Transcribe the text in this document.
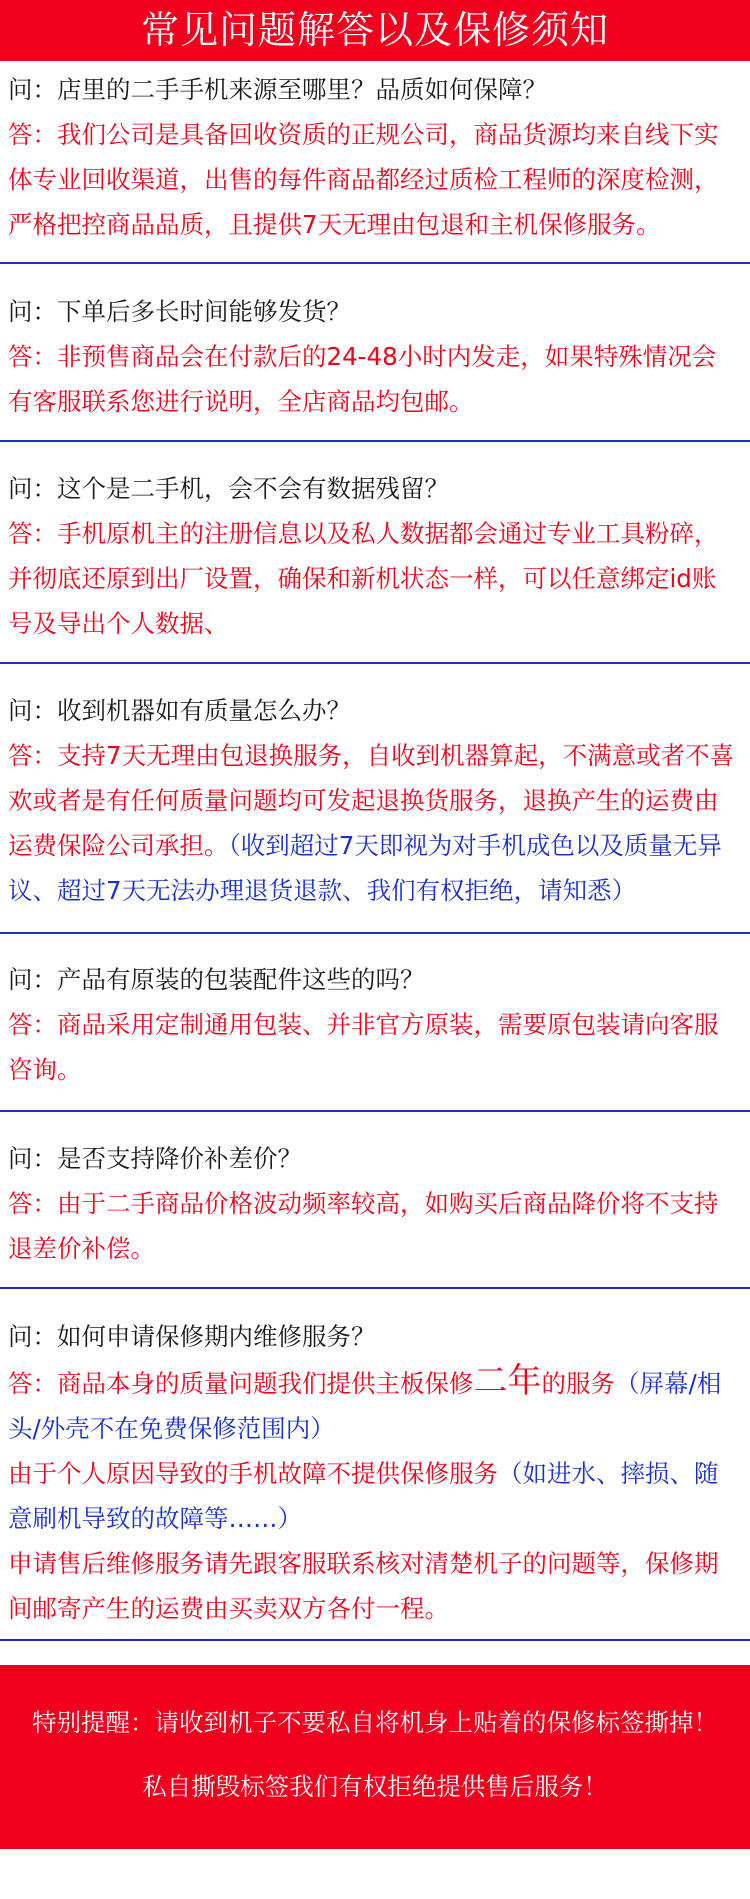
常见问题解答以及保修须知

问：店里的二手手机来源至哪里？品质如何保障？

答：我们公司是具备回收资质的正规公司，商品货源均来自线下实体专业回收渠道，出售的每件商品都经过质检工程师的深度检测，严格把控商品品质，且提供7天无理由包退和主机保修服务。

问：下单后多长时间能够发货？

答：非预售商品会在付款后的24-48小时内发走，如果特殊情况会有客服联系您进行说明，全店商品均包邮。

问：这个是二手机，会不会有数据残留？

答：手机原机主的注册信息以及私人数据都会通过专业工具粉碎，并彻底还原到出厂设置，确保和新机状态一样，可以任意绑定id账号及导出个人数据、

问：收到机器如有质量怎么办？

答：支持7天无理由包退换服务，自收到机器算起，不满意或者不喜欢或者是有任何质量问题均可发起退换货服务，退换产生的运费由运费保险公司承担。（收到超过7天即视为对手机成色以及质量无异议、超过7天无法办理退货退款、我们有权拒绝，请知悉）

问：产品有原装的包装配件这些的吗？

答：商品采用定制通用包装、并非官方原装，需要原包装请向客服咨询。

问：是否支持降价补差价？

答：由于二手商品价格波动频率较高，如购买后商品降价将不支持退差价补偿。

问：如何申请保修期内维修服务？

答：商品本身的质量问题我们提供主板保修二年的服务（屏幕/相头/外壳不在免费保修范围内）

由于个人原因导致的手机故障不提供保修服务（如进水、摔损、随意刷机导致的故障等……）

申请售后维修服务请先跟客服联系核对清楚机子的问题等，保修期间邮寄产生的运费由买卖双方各付一程。

特别提醒：请收到机子不要私自将机身上贴着的保修标签撕掉！
私自撕毁标签我们有权拒绝提供售后服务！
